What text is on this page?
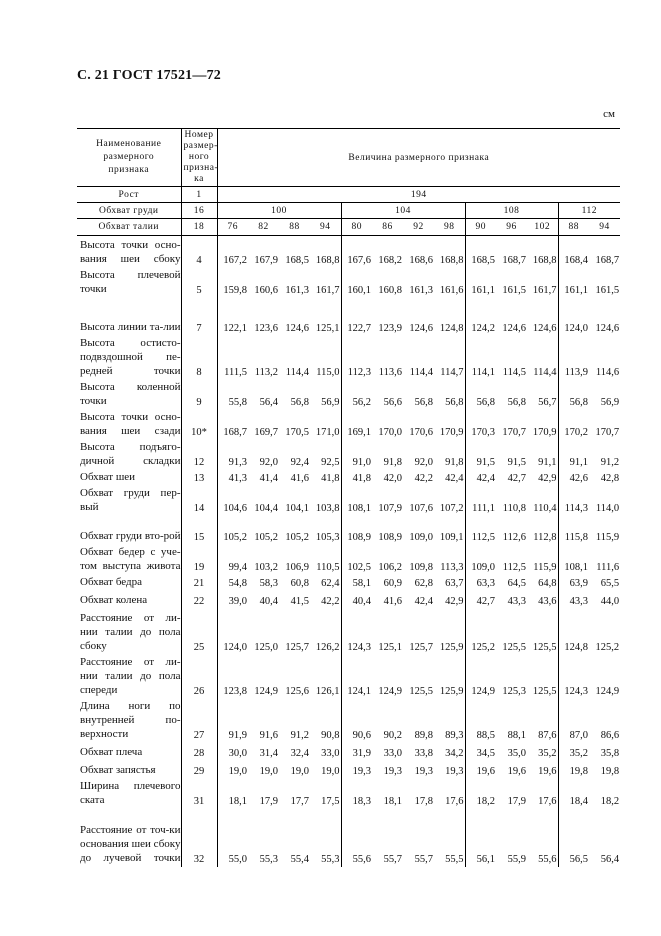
С. 21 ГОСТ 17521—72
см
Наименование размерного признака	Номер размер-ного призна-ка	Величина размерного признака												
Рост	1	194												
Обхват груди	16	100				104				108			112	
Обхват талии	18	76	82	88	94	80	86	92	98	90	96	102	88	94
Высота точки осно-вания шеи сбоку	4	167,2	167,9	168,5	168,8	167,6	168,2	168,6	168,8	168,5	168,7	168,8	168,4	168,7
Высота плечевой точки	5	159,8	160,6	161,3	161,7	160,1	160,8	161,3	161,6	161,1	161,5	161,7	161,1	161,5
Высота линии та-лии	7	122,1	123,6	124,6	125,1	122,7	123,9	124,6	124,8	124,2	124,6	124,6	124,0	124,6
Высота остисто-подвздошной пе-редней точки	8	111,5	113,2	114,4	115,0	112,3	113,6	114,4	114,7	114,1	114,5	114,4	113,9	114,6
Высота коленной точки	9	55,8	56,4	56,8	56,9	56,2	56,6	56,8	56,8	56,8	56,8	56,7	56,8	56,9
Высота точки осно-вания шеи сзади	10*	168,7	169,7	170,5	171,0	169,1	170,0	170,6	170,9	170,3	170,7	170,9	170,2	170,7
Высота подъяго-дичной складки	12	91,3	92,0	92,4	92,5	91,0	91,8	92,0	91,8	91,5	91,5	91,1	91,1	91,2
Обхват шеи	13	41,3	41,4	41,6	41,8	41,8	42,0	42,2	42,4	42,4	42,7	42,9	42,6	42,8
Обхват груди пер-вый	14	104,6	104,4	104,1	103,8	108,1	107,9	107,6	107,2	111,1	110,8	110,4	114,3	114,0
Обхват груди вто-рой	15	105,2	105,2	105,2	105,3	108,9	108,9	109,0	109,1	112,5	112,6	112,8	115,8	115,9
Обхват бедер с уче-том выступа живота	19	99,4	103,2	106,9	110,5	102,5	106,2	109,8	113,3	109,0	112,5	115,9	108,1	111,6
Обхват бедра	21	54,8	58,3	60,8	62,4	58,1	60,9	62,8	63,7	63,3	64,5	64,8	63,9	65,5
Обхват колена	22	39,0	40,4	41,5	42,2	40,4	41,6	42,4	42,9	42,7	43,3	43,6	43,3	44,0
Расстояние от ли-нии талии до пола сбоку	25	124,0	125,0	125,7	126,2	124,3	125,1	125,7	125,9	125,2	125,5	125,5	124,8	125,2
Расстояние от ли-нии талии до пола спереди	26	123,8	124,9	125,6	126,1	124,1	124,9	125,5	125,9	124,9	125,3	125,5	124,3	124,9
Длина ноги по внутренней по-верхности	27	91,9	91,6	91,2	90,8	90,6	90,2	89,8	89,3	88,5	88,1	87,6	87,0	86,6
Обхват плеча	28	30,0	31,4	32,4	33,0	31,9	33,0	33,8	34,2	34,5	35,0	35,2	35,2	35,8
Обхват запястья	29	19,0	19,0	19,0	19,0	19,3	19,3	19,3	19,3	19,6	19,6	19,6	19,8	19,8
Ширина плечевого ската	31	18,1	17,9	17,7	17,5	18,3	18,1	17,8	17,6	18,2	17,9	17,6	18,4	18,2
Расстояние от точ-ки основания шеи сбоку до лучевой точки	32	55,0	55,3	55,4	55,3	55,6	55,7	55,7	55,5	56,1	55,9	55,6	56,5	56,4
